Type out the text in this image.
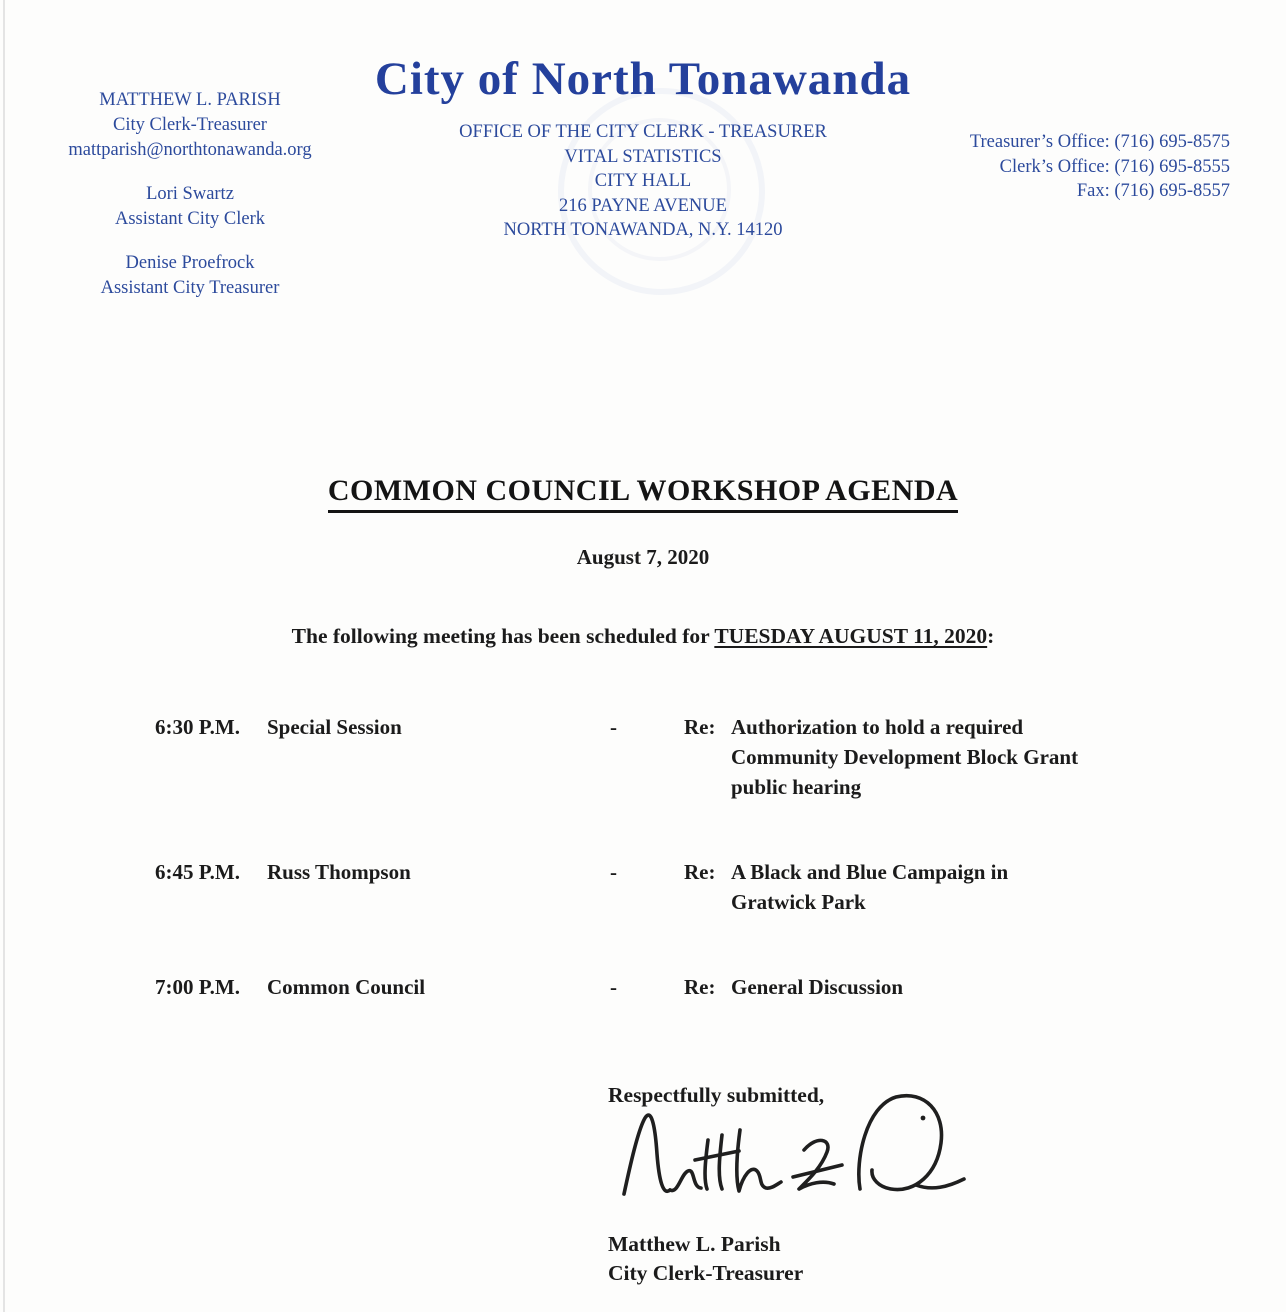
MATTHEW L. PARISH
City Clerk-Treasurer
mattparish@northtonawanda.org
Lori Swartz
Assistant City Clerk
Denise Proefrock
Assistant City Treasurer
City of North Tonawanda
OFFICE OF THE CITY CLERK - TREASURER
VITAL STATISTICS
CITY HALL
216 PAYNE AVENUE
NORTH TONAWANDA, N.Y. 14120
Treasurer’s Office: (716) 695-8575
Clerk’s Office: (716) 695-8555
Fax: (716) 695-8557
COMMON COUNCIL WORKSHOP AGENDA
August 7, 2020
The following meeting has been scheduled for TUESDAY AUGUST 11, 2020:
6:30 P.M. Special Session	-	Re: Authorization to hold a required
Community Development Block Grant
public hearing
6:45 P.M. Russ Thompson	-	Re: A Black and Blue Campaign in
Gratwick Park
7:00 P.M. Common Council	-	Re: General Discussion
Respectfully submitted,
Matthew L. Parish
City Clerk-Treasurer
